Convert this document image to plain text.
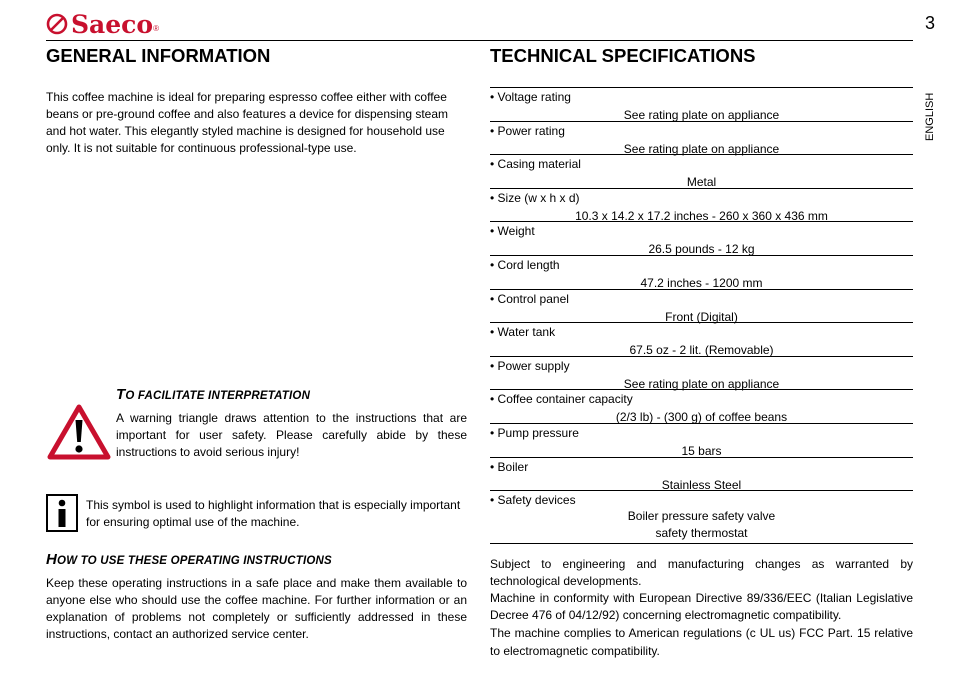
Saeco ®	3
ENGLISH
GENERAL INFORMATION

This coffee machine is ideal for preparing espresso coffee either with coffee beans or pre-ground coffee and also features a device for dispensing steam and hot water. This elegantly styled machine is designed for household use only. It is not suitable for continuous professional-type use.

TO FACILITATE INTERPRETATION

A warning triangle draws attention to the instructions that are important for user safety. Please carefully abide by these instructions to avoid serious injury!

This symbol is used to highlight information that is especially important for ensuring optimal use of the machine.

HOW TO USE THESE OPERATING INSTRUCTIONS

Keep these operating instructions in a safe place and make them available to anyone else who should use the coffee machine. For further information or an explanation of problems not completely or sufficiently addressed in these instructions, contact an authorized service center.

TECHNICAL SPECIFICATIONS
• Voltage rating
See rating plate on appliance
• Power rating
See rating plate on appliance
• Casing material
Metal
• Size (w x h x d)
10.3 x 14.2 x 17.2 inches - 260 x 360 x 436 mm
• Weight
26.5 pounds - 12 kg
• Cord length
47.2 inches - 1200 mm
• Control panel
Front (Digital)
• Water tank
67.5 oz - 2 lit. (Removable)
• Power supply
See rating plate on appliance
• Coffee container capacity
(2/3 lb) - (300 g) of coffee beans
• Pump pressure
15 bars
• Boiler
Stainless Steel
• Safety devices
Boiler pressure safety valve
safety thermostat

Subject to engineering and manufacturing changes as warranted by technological developments.

Machine in conformity with European Directive 89/336/EEC (Italian Legislative Decree 476 of 04/12/92) concerning electromagnetic compatibility.

The machine complies to American regulations (c UL us) FCC Part. 15 relative to electromagnetic compatibility.
